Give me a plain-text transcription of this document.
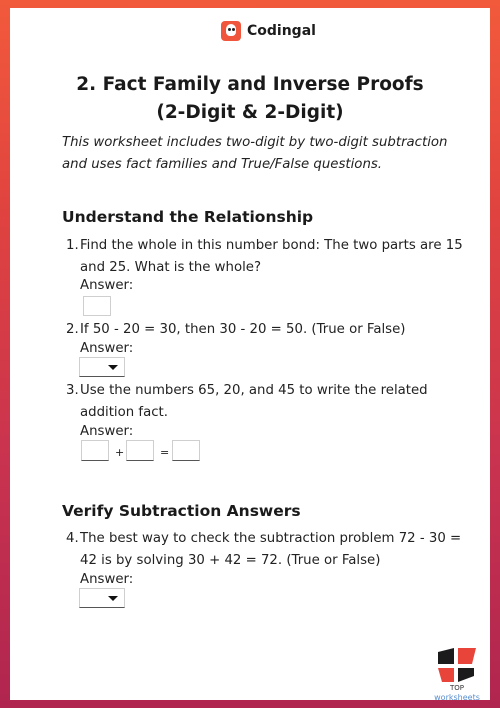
Codingal
2. Fact Family and Inverse Proofs
(2-Digit & 2-Digit)
This worksheet includes two-digit by two-digit subtraction and uses fact families and True/False questions.
Understand the Relationship
1. Find the whole in this number bond: The two parts are 15 and 25. What is the whole?
Answer:
2. If 50 - 20 = 30, then 30 - 20 = 50. (True or False)
Answer:
3. Use the numbers 65, 20, and 45 to write the related addition fact.
Answer:
+	=
Verify Subtraction Answers
4. The best way to check the subtraction problem 72 - 30 = 42 is by solving 30 + 42 = 72. (True or False)
Answer:
TOP
worksheets
